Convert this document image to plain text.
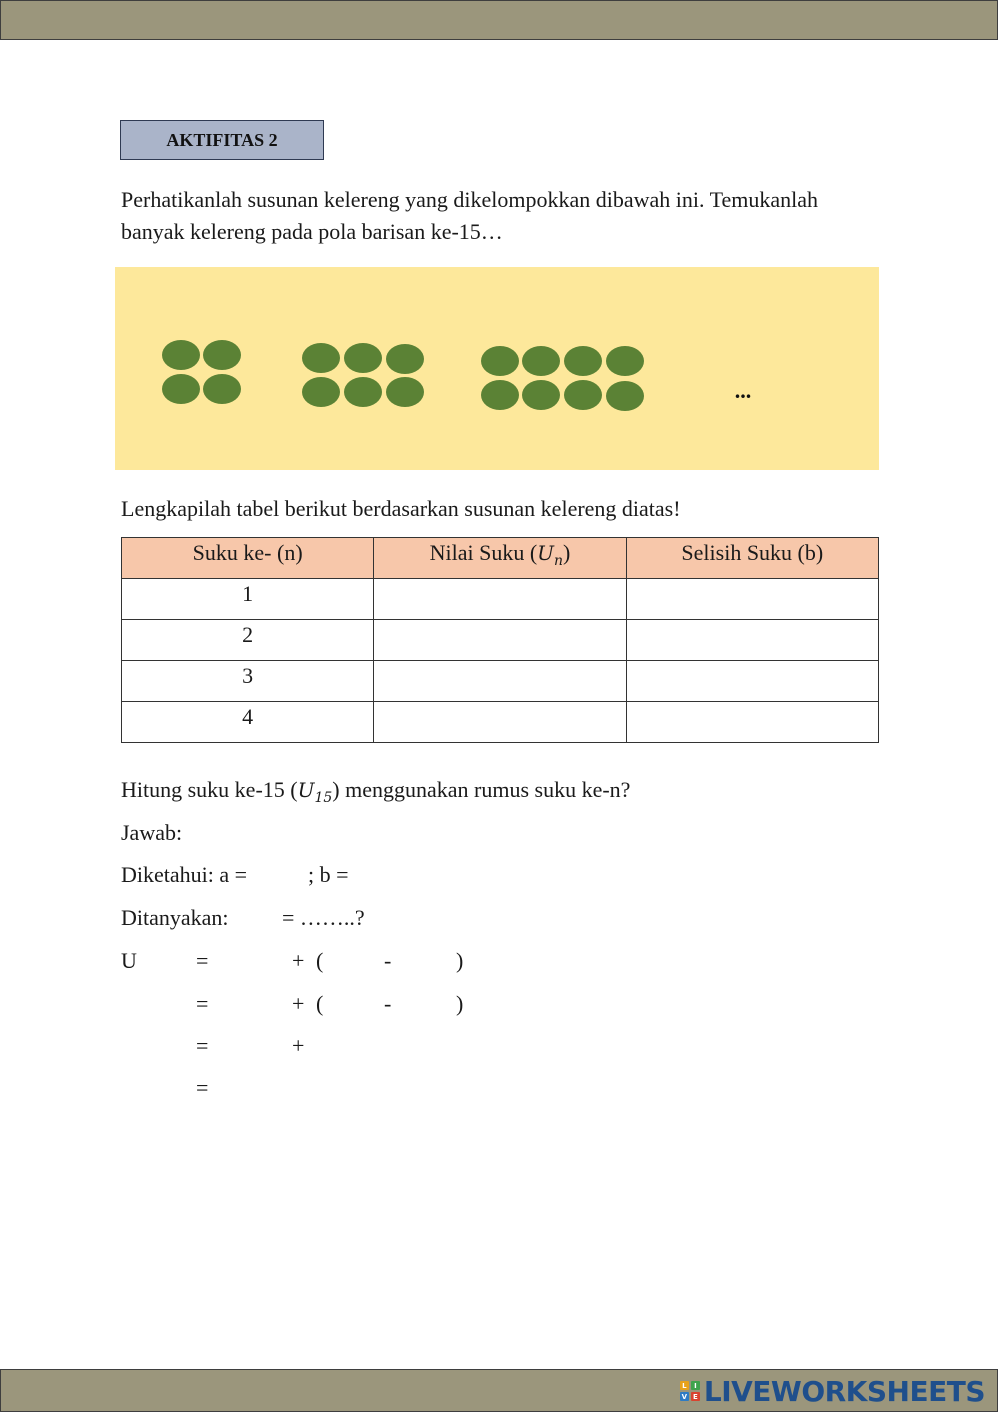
AKTIFITAS 2
Perhatikanlah susunan kelereng yang dikelompokkan dibawah ini. Temukanlah banyak kelereng pada pola barisan ke-15…
...
Lengkapilah tabel berikut berdasarkan susunan kelereng diatas!
Suku ke- (n)	Nilai Suku $(U_n)$	Selisih Suku (b)
1		
2		
3		
4		
Hitung suku ke-15 $(U_{15})$ menggunakan rumus suku ke-n?
Jawab:
Diketahui: a =	; b =
Ditanyakan: = ……..?
U	=	+ (	-	)
=	+ (	-	)
=	+
=
L	I
V E LIVEWORKSHEETS
